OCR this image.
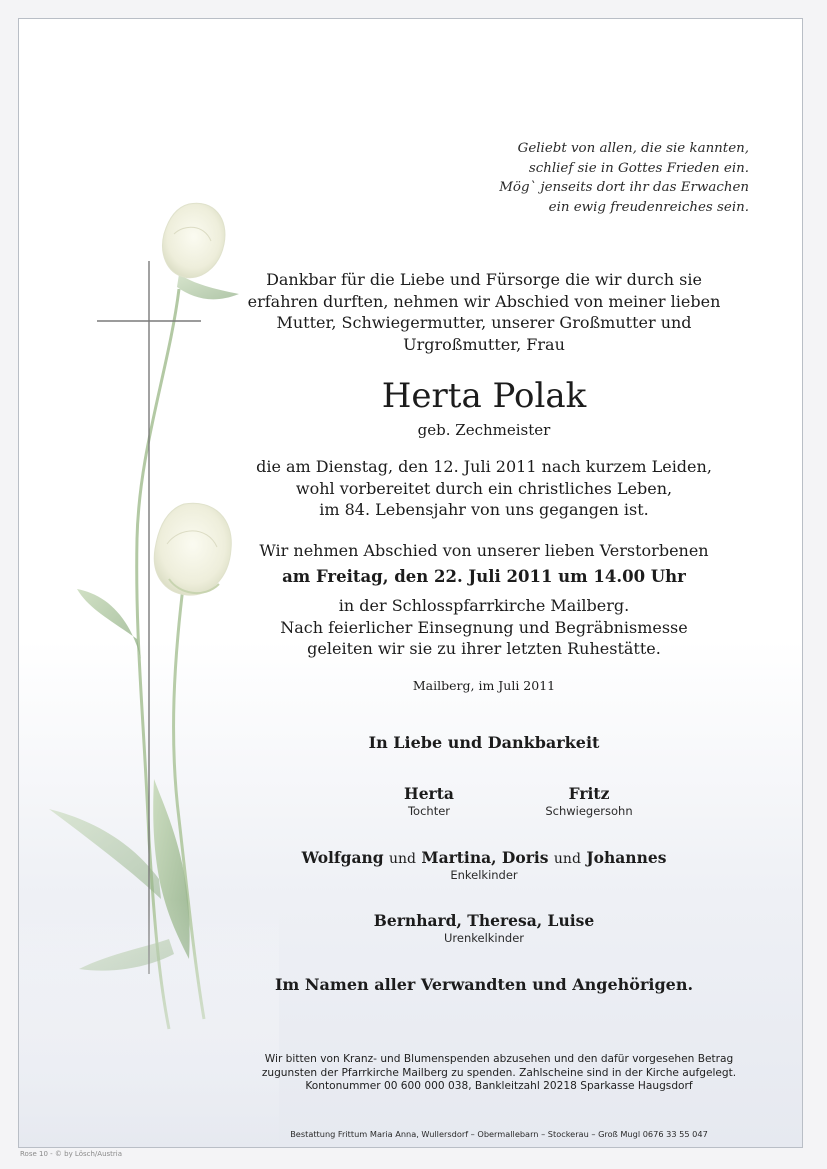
Geliebt von allen, die sie kannten,
schlief sie in Gottes Frieden ein.
Mög` jenseits dort ihr das Erwachen
ein ewig freudenreiches sein.
Dankbar für die Liebe und Fürsorge die wir durch sie
erfahren durften, nehmen wir Abschied von meiner lieben
Mutter, Schwiegermutter, unserer Großmutter und
Urgroßmutter, Frau
Herta Polak
geb. Zechmeister
die am Dienstag, den 12. Juli 2011 nach kurzem Leiden,
wohl vorbereitet durch ein christliches Leben,
im 84. Lebensjahr von uns gegangen ist.
Wir nehmen Abschied von unserer lieben Verstorbenen
am Freitag, den 22. Juli 2011 um 14.00 Uhr
in der Schlosspfarrkirche Mailberg.
Nach feierlicher Einsegnung und Begräbnismesse
geleiten wir sie zu ihrer letzten Ruhestätte.
Mailberg, im Juli 2011
In Liebe und Dankbarkeit
Herta
Tochter
Fritz
Schwiegersohn
Wolfgang und Martina, Doris und Johannes
Enkelkinder
Bernhard, Theresa, Luise
Urenkelkinder
Im Namen aller Verwandten und Angehörigen.
Wir bitten von Kranz- und Blumenspenden abzusehen und den dafür vorgesehen Betrag
zugunsten der Pfarrkirche Mailberg zu spenden. Zahlscheine sind in der Kirche aufgelegt.
Kontonummer 00 600 000 038, Bankleitzahl 20218 Sparkasse Haugsdorf
Bestattung Frittum Maria Anna, Wullersdorf – Obermallebarn – Stockerau – Groß Mugl 0676 33 55 047
Rose 10 - © by Lösch/Austria
